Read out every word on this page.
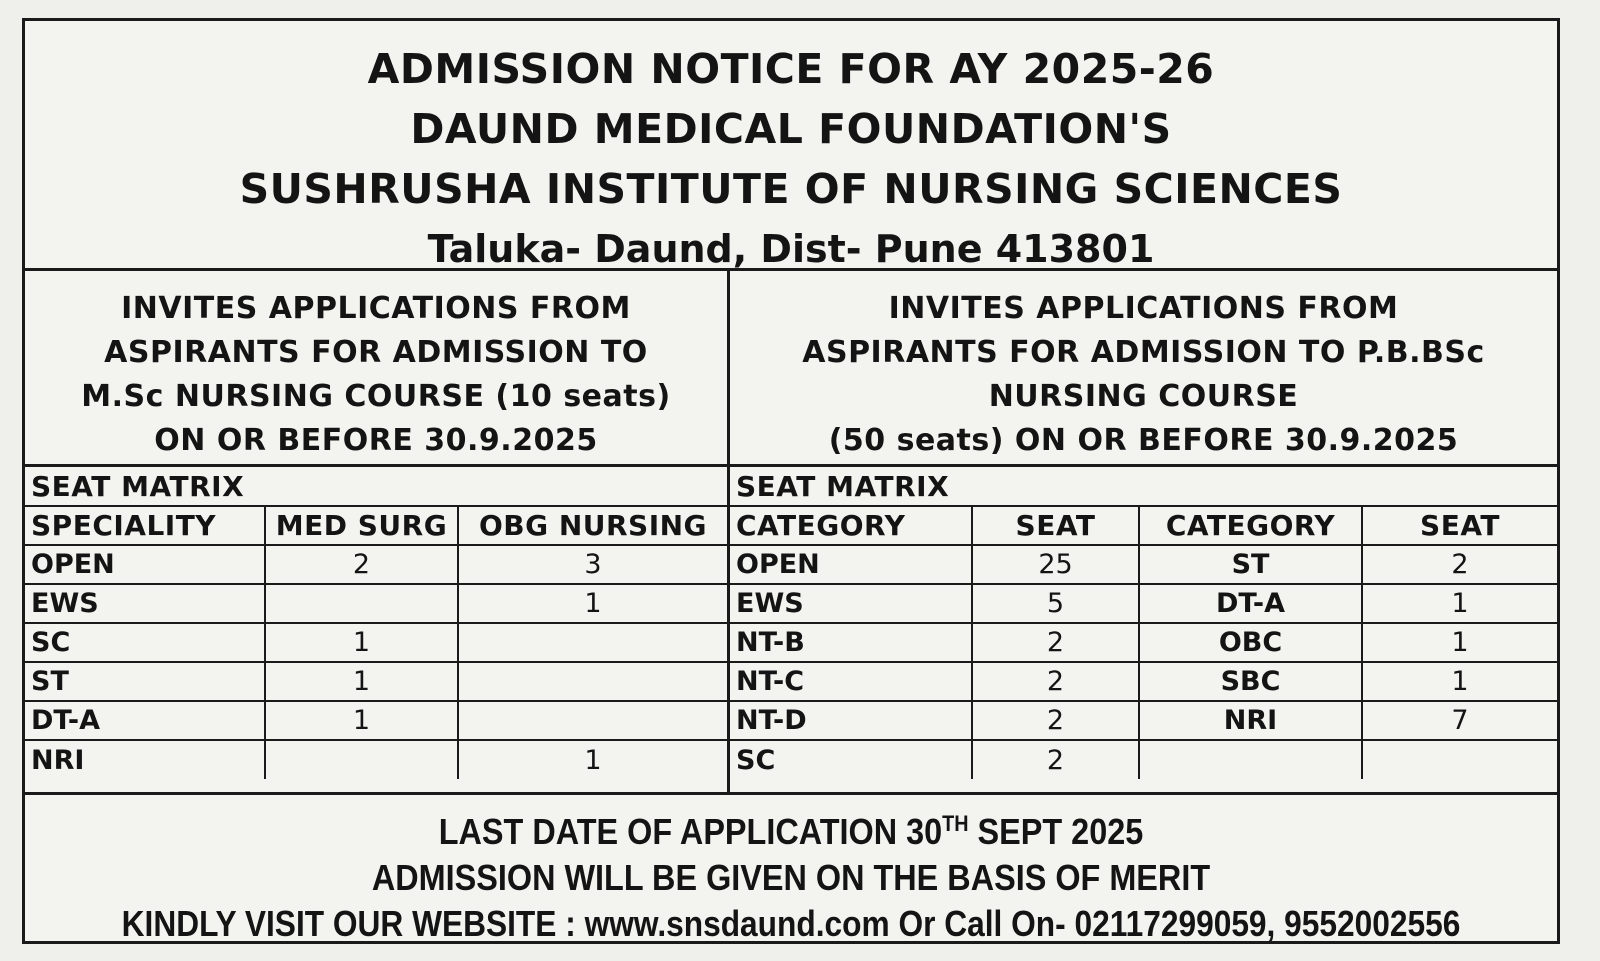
ADMISSION NOTICE FOR AY 2025-26
DAUND MEDICAL FOUNDATION'S
SUSHRUSHA INSTITUTE OF NURSING SCIENCES
Taluka- Daund, Dist- Pune 413801

INVITES APPLICATIONS FROM

ASPIRANTS FOR ADMISSION TO

M.Sc NURSING COURSE (10 seats)

ON OR BEFORE 30.9.2025

INVITES APPLICATIONS FROM

ASPIRANTS FOR ADMISSION TO P.B.BSc

NURSING COURSE

(50 seats) ON OR BEFORE 30.9.2025

SEAT MATRIX		
SPECIALITY	MED SURG	OBG NURSING
OPEN	2	3
EWS		1
SC	1	
ST	1	
DT-A	1	
NRI		1
SEAT MATRIX			
CATEGORY	SEAT	CATEGORY	SEAT
OPEN	25	ST	2
EWS	5	DT-A	1
NT-B	2	OBC	1
NT-C	2	SBC	1
NT-D	2	NRI	7
SC	2		
LAST DATE OF APPLICATION 30TH SEPT 2025
ADMISSION WILL BE GIVEN ON THE BASIS OF MERIT
KINDLY VISIT OUR WEBSITE : www.snsdaund.com Or Call On- 02117299059, 9552002556
